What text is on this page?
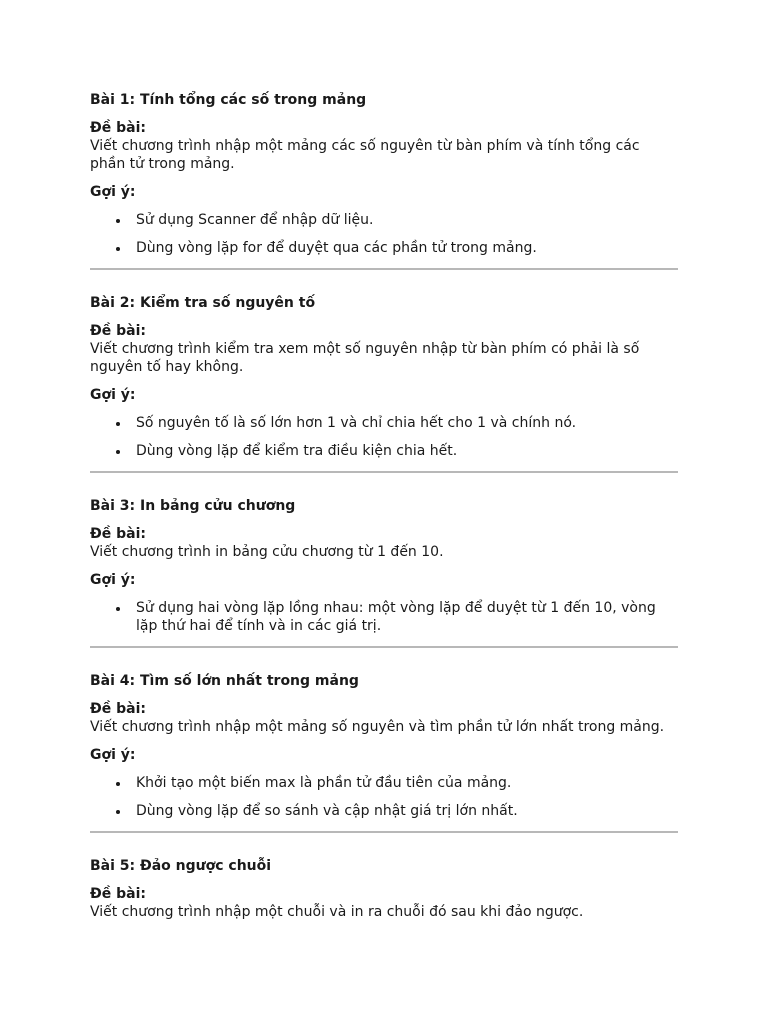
Bài 1: Tính tổng các số trong mảng
Đề bài:
Viết chương trình nhập một mảng các số nguyên từ bàn phím và tính tổng các phần tử trong mảng.
Gợi ý:
Sử dụng Scanner để nhập dữ liệu.
Dùng vòng lặp for để duyệt qua các phần tử trong mảng.
Bài 2: Kiểm tra số nguyên tố
Đề bài:
Viết chương trình kiểm tra xem một số nguyên nhập từ bàn phím có phải là số nguyên tố hay không.
Gợi ý:
Số nguyên tố là số lớn hơn 1 và chỉ chia hết cho 1 và chính nó.
Dùng vòng lặp để kiểm tra điều kiện chia hết.
Bài 3: In bảng cửu chương
Đề bài:
Viết chương trình in bảng cửu chương từ 1 đến 10.
Gợi ý:
Sử dụng hai vòng lặp lồng nhau: một vòng lặp để duyệt từ 1 đến 10, vòng lặp thứ hai để tính và in các giá trị.
Bài 4: Tìm số lớn nhất trong mảng
Đề bài:
Viết chương trình nhập một mảng số nguyên và tìm phần tử lớn nhất trong mảng.
Gợi ý:
Khởi tạo một biến max là phần tử đầu tiên của mảng.
Dùng vòng lặp để so sánh và cập nhật giá trị lớn nhất.
Bài 5: Đảo ngược chuỗi
Đề bài:
Viết chương trình nhập một chuỗi và in ra chuỗi đó sau khi đảo ngược.
